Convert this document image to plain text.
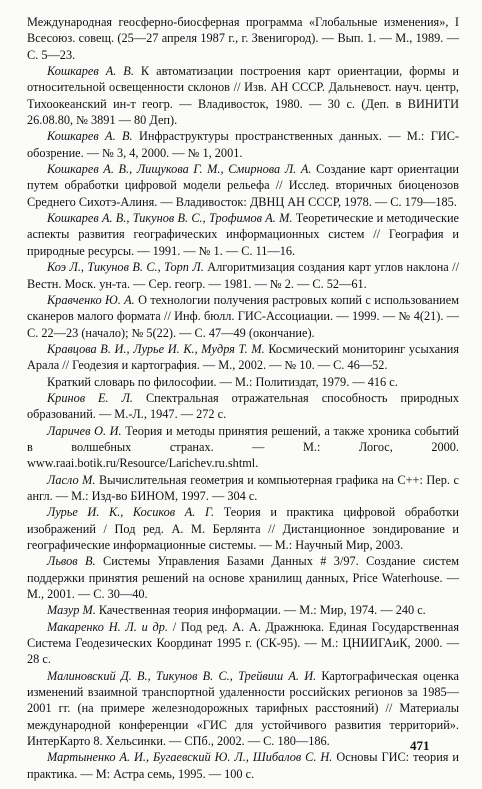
Международная геосферно-биосферная программа «Глобальные изменения», I Всесоюз. совещ. (25—27 апреля 1987 г., г. Звенигород). — Вып. 1. — М., 1989. — С. 5—23.

Кошкарев А. В. К автоматизации построения карт ориентации, формы и относительной освещенности склонов // Изв. АН СССР. Дальневост. науч. центр, Тихоокеанский ин-т геогр. — Владивосток, 1980. — 30 с. (Деп. в ВИНИТИ 26.08.80, № 3891 — 80 Деп).

Кошкарев А. В. Инфраструктуры пространственных данных. — М.: ГИС-обозрение. — № 3, 4, 2000. — № 1, 2001.

Кошкарев А. В., Лищукова Г. М., Смирнова Л. А. Создание карт ориентации путем обработки цифровой модели рельефа // Исслед. вторичных биоценозов Среднего Сихотэ-Алиня. — Владивосток: ДВНЦ АН СССР, 1978. — С. 179—185.

Кошкарев А. В., Тикунов В. С., Трофимов А. М. Теоретические и методические аспекты развития географических информационных систем // География и природные ресурсы. — 1991. — № 1. — С. 11—16.

Коэ Л., Тикунов В. С., Торп Л. Алгоритмизация создания карт углов наклона // Вестн. Моск. ун-та. — Сер. геогр. — 1981. — № 2. — С. 52—61.

Кравченко Ю. А. О технологии получения растровых копий с использованием сканеров малого формата // Инф. бюлл. ГИС-Ассоциации. — 1999. — № 4(21). — С. 22—23 (начало); № 5(22). — С. 47—49 (окончание).

Кравцова В. И., Лурье И. К., Мудря Т. М. Космический мониторинг усыхания Арала // Геодезия и картография. — М., 2002. — № 10. — С. 46—52.

Краткий словарь по философии. — М.: Политиздат, 1979. — 416 с.

Кринов Е. Л. Спектральная отражательная способность природных образований. — М.-Л., 1947. — 272 с.

Ларичев О. И. Теория и методы принятия решений, а также хроника событий в волшебных странах. — М.: Логос, 2000. www.raai.botik.ru/Resource/Larichev.ru.shtml.

Ласло М. Вычислительная геометрия и компьютерная графика на C++: Пер. с англ. — М.: Изд-во БИНОМ, 1997. — 304 с.

Лурье И. К., Косиков А. Г. Теория и практика цифровой обработки изображений / Под ред. А. М. Берлянта // Дистанционное зондирование и географические информационные системы. — М.: Научный Мир, 2003.

Львов В. Системы Управления Базами Данных # 3/97. Создание систем поддержки принятия решений на основе хранилищ данных, Price Waterhouse. — М., 2001. — С. 30—40.

Мазур М. Качественная теория информации. — М.: Мир, 1974. — 240 с.

Макаренко Н. Л. и др. / Под ред. А. А. Дражнюка. Единая Государственная Система Геодезических Координат 1995 г. (СК-95). — М.: ЦНИИГАиК, 2000. — 28 с.

Малиновский Д. В., Тикунов В. С., Трейвиш А. И. Картографическая оценка изменений взаимной транспортной удаленности российских регионов за 1985—2001 гг. (на примере железнодорожных тарифных расстояний) // Материалы международной конференции «ГИС для устойчивого развития территорий». ИнтерКарто 8. Хельсинки. — СПб., 2002. — С. 180—186.

Мартыненко А. И., Бугаевский Ю. Л., Шибалов С. Н. Основы ГИС: теория и практика. — М: Астра семь, 1995. — 100 с.

471
